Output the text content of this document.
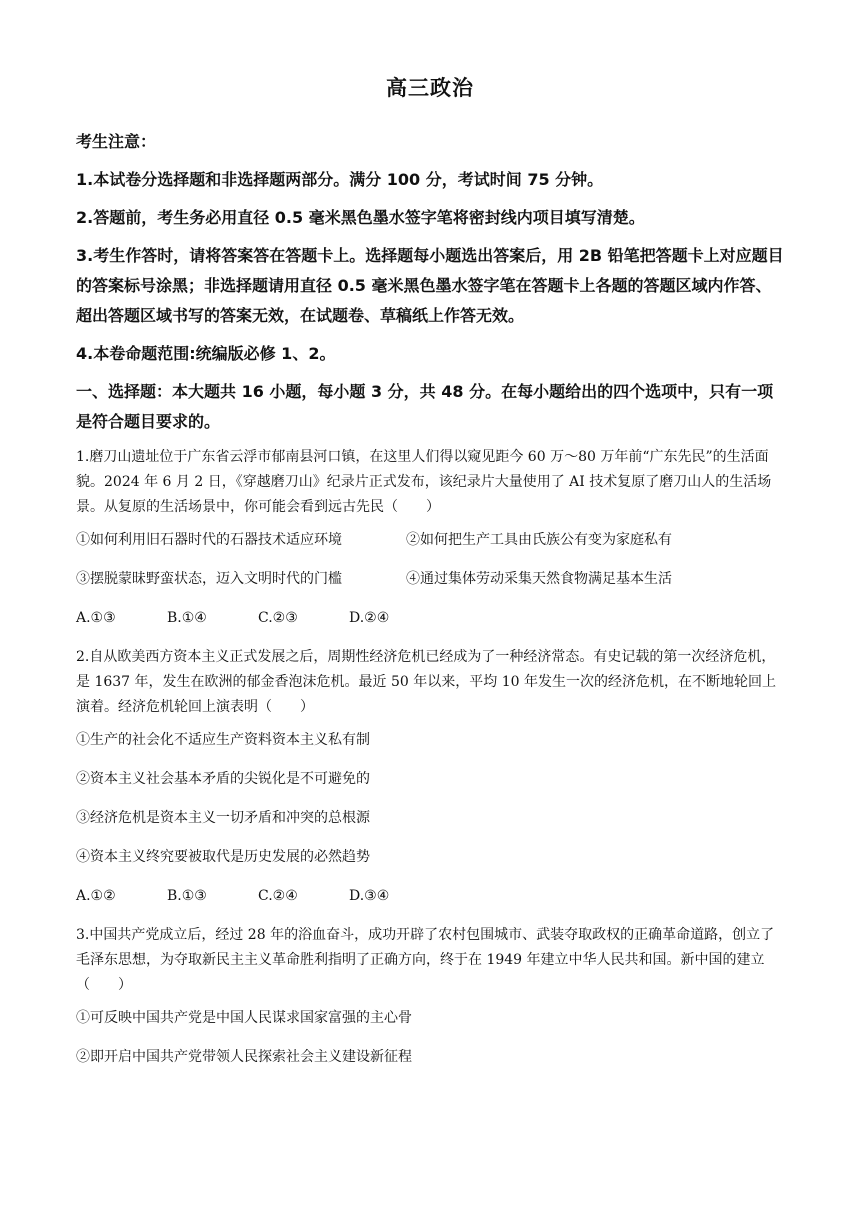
高三政治

考生注意：

1.本试卷分选择题和非选择题两部分。满分 100 分，考试时间 75 分钟。

2.答题前，考生务必用直径 0.5 毫米黑色墨水签字笔将密封线内项目填写清楚。

3.考生作答时，请将答案答在答题卡上。选择题每小题选出答案后，用 2B 铅笔把答题卡上对应题目的答案标号涂黑；非选择题请用直径 0.5 毫米黑色墨水签字笔在答题卡上各题的答题区域内作答、超出答题区域书写的答案无效，在试题卷、草稿纸上作答无效。

4.本卷命题范围:统编版必修 1、2。

一、选择题：本大题共 16 小题，每小题 3 分，共 48 分。在每小题给出的四个选项中，只有一项是符合题目要求的。

1.磨刀山遗址位于广东省云浮市郁南县河口镇，在这里人们得以窥见距今 60 万～80 万年前“广东先民”的生活面貌。2024 年 6 月 2 日，《穿越磨刀山》纪录片正式发布，该纪录片大量使用了 AI 技术复原了磨刀山人的生活场景。从复原的生活场景中，你可能会看到远古先民（　　）

①如何利用旧石器时代的石器技术适应环境	②如何把生产工具由氏族公有变为家庭私有
③摆脱蒙昧野蛮状态，迈入文明时代的门槛	④通过集体劳动采集天然食物满足基本生活
A.①③	B.①④	C.②③	D.②④

2.自从欧美西方资本主义正式发展之后，周期性经济危机已经成为了一种经济常态。有史记载的第一次经济危机，是 1637 年，发生在欧洲的郁金香泡沫危机。最近 50 年以来，平均 10 年发生一次的经济危机，在不断地轮回上演着。经济危机轮回上演表明（　　）

①生产的社会化不适应生产资料资本主义私有制

②资本主义社会基本矛盾的尖锐化是不可避免的

③经济危机是资本主义一切矛盾和冲突的总根源

④资本主义终究要被取代是历史发展的必然趋势

A.①②	B.①③	C.②④	D.③④

3.中国共产党成立后，经过 28 年的浴血奋斗，成功开辟了农村包围城市、武装夺取政权的正确革命道路，创立了毛泽东思想，为夺取新民主主义革命胜利指明了正确方向，终于在 1949 年建立中华人民共和国。新中国的建立（　　）

①可反映中国共产党是中国人民谋求国家富强的主心骨

②即开启中国共产党带领人民探索社会主义建设新征程
